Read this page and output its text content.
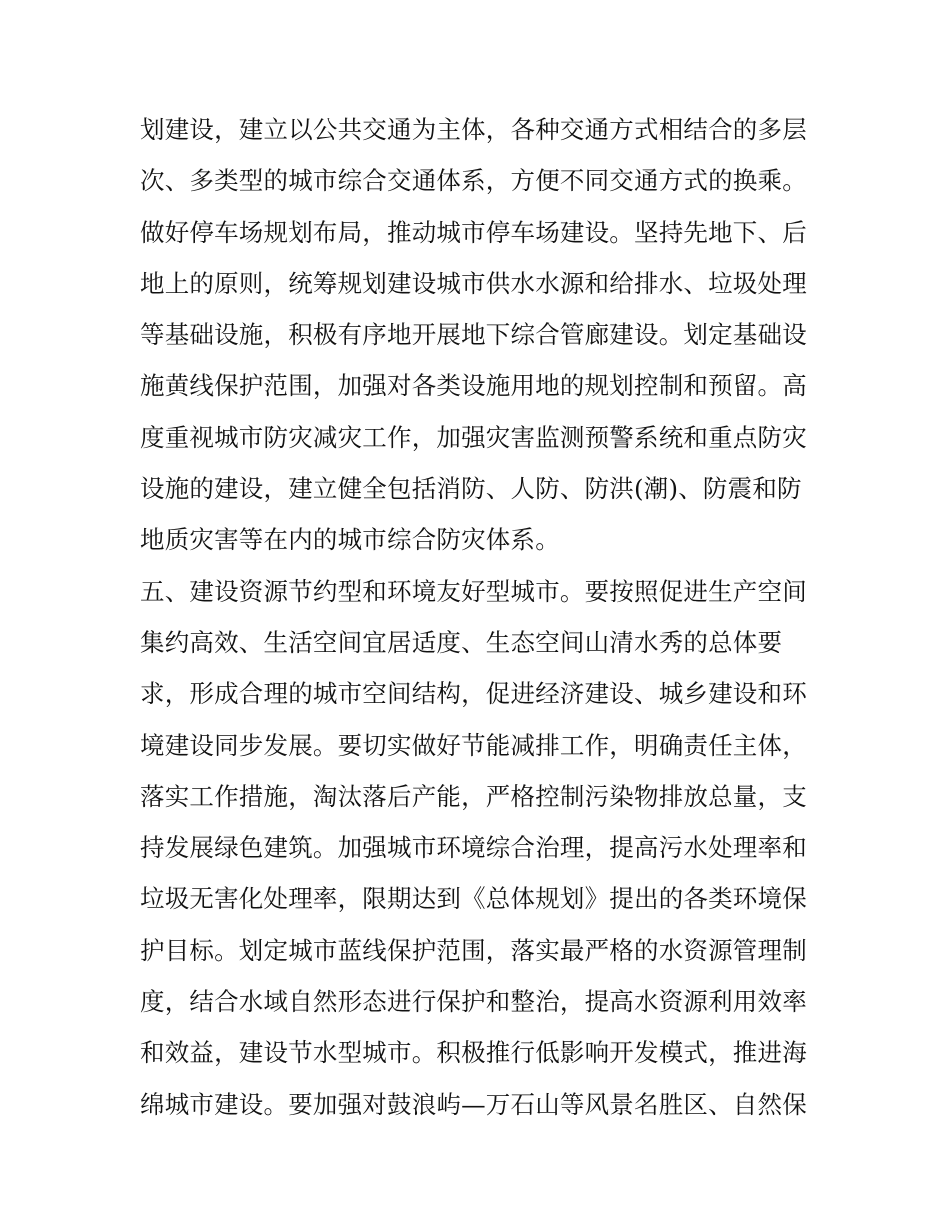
划建设，建立以公共交通为主体，各种交通方式相结合的多层
次、多类型的城市综合交通体系，方便不同交通方式的换乘。
做好停车场规划布局，推动城市停车场建设。坚持先地下、后
地上的原则，统筹规划建设城市供水水源和给排水、垃圾处理
等基础设施，积极有序地开展地下综合管廊建设。划定基础设
施黄线保护范围，加强对各类设施用地的规划控制和预留。高
度重视城市防灾减灾工作，加强灾害监测预警系统和重点防灾
设施的建设，建立健全包括消防、人防、防洪(潮)、防震和防
地质灾害等在内的城市综合防灾体系。
五、建设资源节约型和环境友好型城市。要按照促进生产空间
集约高效、生活空间宜居适度、生态空间山清水秀的总体要
求，形成合理的城市空间结构，促进经济建设、城乡建设和环
境建设同步发展。要切实做好节能减排工作，明确责任主体，
落实工作措施，淘汰落后产能，严格控制污染物排放总量，支
持发展绿色建筑。加强城市环境综合治理，提高污水处理率和
垃圾无害化处理率，限期达到《总体规划》提出的各类环境保
护目标。划定城市蓝线保护范围，落实最严格的水资源管理制
度，结合水域自然形态进行保护和整治，提高水资源利用效率
和效益，建设节水型城市。积极推行低影响开发模式，推进海
绵城市建设。要加强对鼓浪屿—万石山等风景名胜区、自然保
